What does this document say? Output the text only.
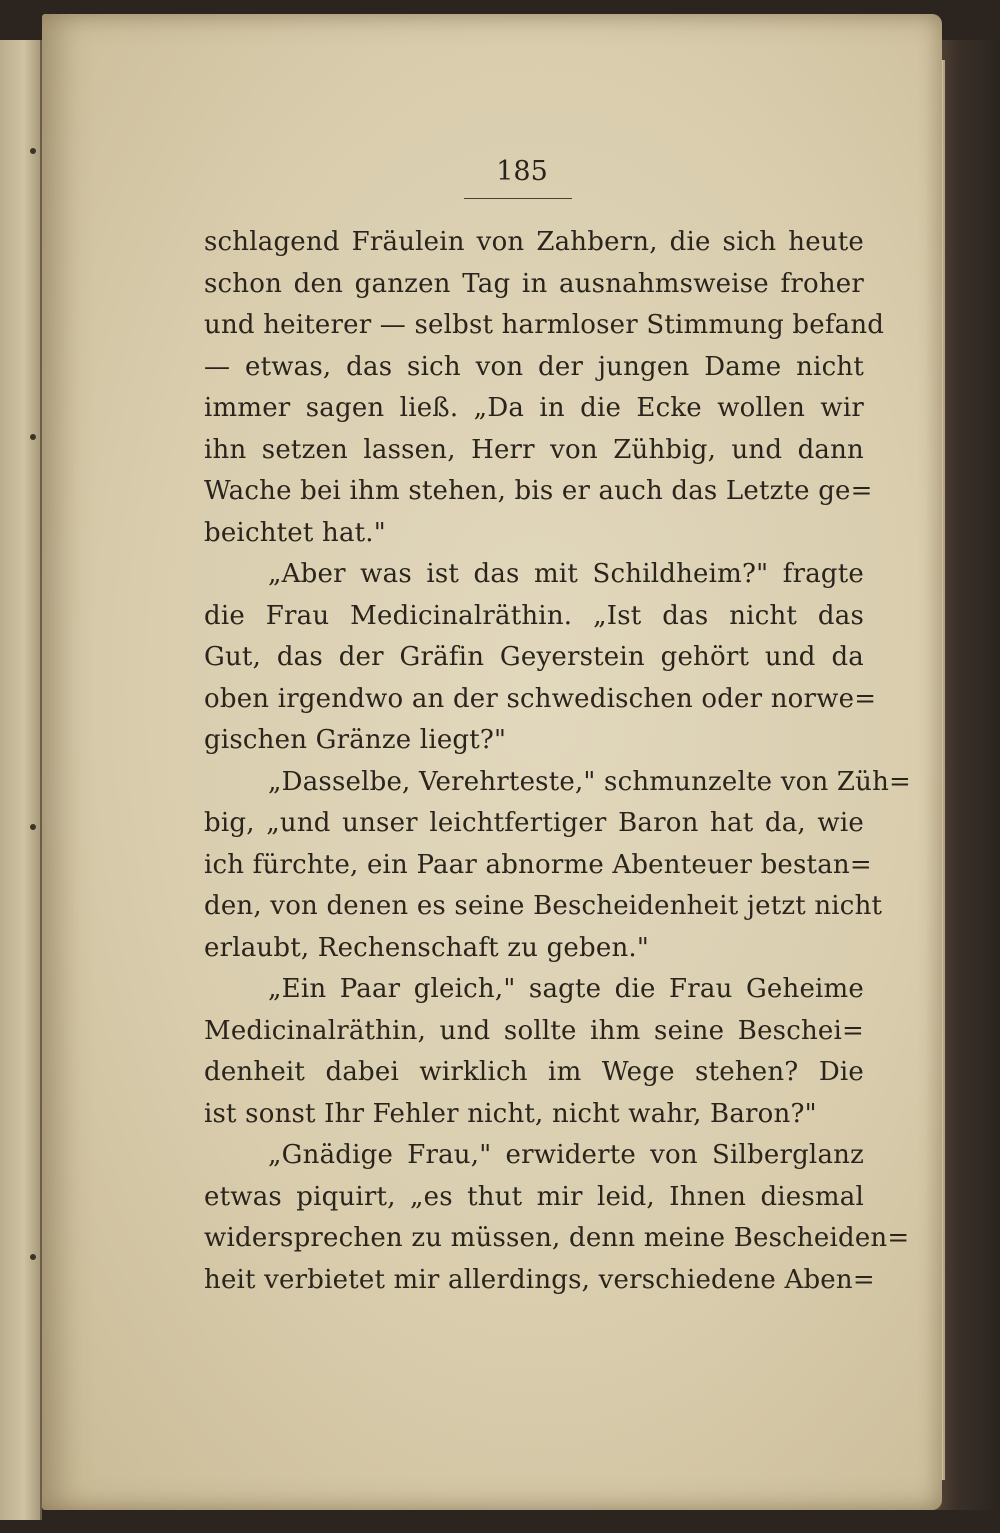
185
schlagend Fräulein von Zahbern, die sich heute
schon den ganzen Tag in ausnahmsweise froher
und heiterer — selbst harmloser Stimmung befand
— etwas, das sich von der jungen Dame nicht
immer sagen ließ. „Da in die Ecke wollen wir
ihn setzen lassen, Herr von Zühbig, und dann
Wache bei ihm stehen, bis er auch das Letzte ge=
beichtet hat."
„Aber was ist das mit Schildheim?" fragte
die Frau Medicinalräthin. „Ist das nicht das
Gut, das der Gräfin Geyerstein gehört und da
oben irgendwo an der schwedischen oder norwe=
gischen Gränze liegt?"
„Dasselbe, Verehrteste," schmunzelte von Züh=
big, „und unser leichtfertiger Baron hat da, wie
ich fürchte, ein Paar abnorme Abenteuer bestan=
den, von denen es seine Bescheidenheit jetzt nicht
erlaubt, Rechenschaft zu geben."
„Ein Paar gleich," sagte die Frau Geheime
Medicinalräthin, und sollte ihm seine Beschei=
denheit dabei wirklich im Wege stehen? Die
ist sonst Ihr Fehler nicht, nicht wahr, Baron?"
„Gnädige Frau," erwiderte von Silberglanz
etwas piquirt, „es thut mir leid, Ihnen diesmal
widersprechen zu müssen, denn meine Bescheiden=
heit verbietet mir allerdings, verschiedene Aben=
